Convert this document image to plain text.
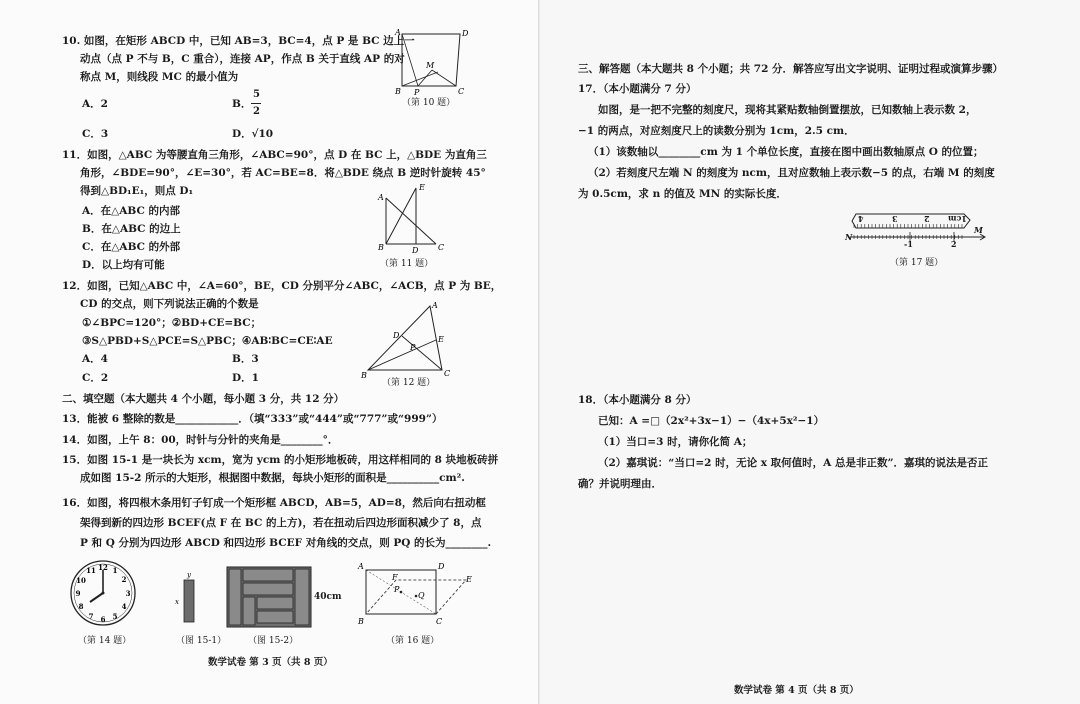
10. 如图，在矩形 ABCD 中，已知 AB=3，BC=4，点 P 是 BC 边上一
动点（点 P 不与 B，C 重合），连接 AP，作点 B 关于直线 AP 的对
称点 M，则线段 MC 的最小值为
A．2	B．
5
2
C．3	D．√10
A	D
M
B P	C
（第 10 题）
11．如图，△ABC 为等腰直角三角形，∠ABC=90°，点 D 在 BC 上，△BDE 为直角三
角形，∠BDE=90°，∠E=30°，若 AC=BE=8．将△BDE 绕点 B 逆时针旋转 45°
得到△BD₁E₁，则点 D₁
A．在△ABC 的内部
B．在△ABC 的边上
C．在△ABC 的外部
D．以上均有可能
A
E
B	D C
（第 11 题）
12．如图，已知△ABC 中，∠A=60°，BE，CD 分别平分∠ABC，∠ACB，点 P 为 BE，
CD 的交点，则下列说法正确的个数是
①∠BPC=120°；②BD+CE=BC；
③S△PBD+S△PCE=S△PBC；④AB∶BC=CE∶AE
A．4	B．3
C．2	D．1
A
D	E
P
B	C
（第 12 题）
二、填空题（本大题共 4 个小题，每小题 3 分，共 12 分）
13．能被 6 整除的数是____________．（填“333”或“444”或“777”或“999”）
14．如图，上午 8：00，时针与分针的夹角是________°．
15．如图 15-1 是一块长为 xcm，宽为 ycm 的小矩形地板砖，用这样相同的 8 块地板砖拼
成如图 15-2 所示的大矩形，根据图中数据，每块小矩形的面积是__________cm².
16．如图，将四根木条用钉子钉成一个矩形框 ABCD，AB=5，AD=8，然后向右扭动框
架得到新的四边形 BCEF(点 F 在 BC 的上方)，若在扭动后四边形面积减少了 8，点
P 和 Q 分别为四边形 ABCD 和四边形 BCEF 对角线的交点，则 PQ 的长为________.
12 1
2
3
4
5
6
7
8
9
10
11
（第 14 题）
y
x
（图 15-1）
40cm
（图 15-2）
A	D
F	E
P
Q
B	C
（第 16 题）
数学试卷 第 3 页（共 8 页）
三、解答题（本大题共 8 个小题；共 72 分．解答应写出文字说明、证明过程或演算步骤）
17．（本小题满分 7 分）
如图，是一把不完整的刻度尺，现将其紧贴数轴倒置摆放，已知数轴上表示数 2，
−1 的两点，对应刻度尺上的读数分别为 1cm，2.5 cm．
（1）该数轴以________cm 为 1 个单位长度，直接在图中画出数轴原点 O 的位置；
（2）若刻度尺左端 N 的刻度为 ncm，且对应数轴上表示数−5 的点，右端 M 的刻度
为 0.5cm，求 n 的值及 MN 的实际长度．
4	3	2 1cm
N
M
-1	2
（第 17 题）
18．（本小题满分 8 分）
已知：A =□（2x²+3x−1）−（4x+5x²−1）
（1）当口=3 时，请你化简 A；
（2）嘉琪说：“当口=2 时，无论 x 取何值时，A 总是非正数”．嘉琪的说法是否正
确？并说明理由．
数学试卷 第 4 页（共 8 页）
